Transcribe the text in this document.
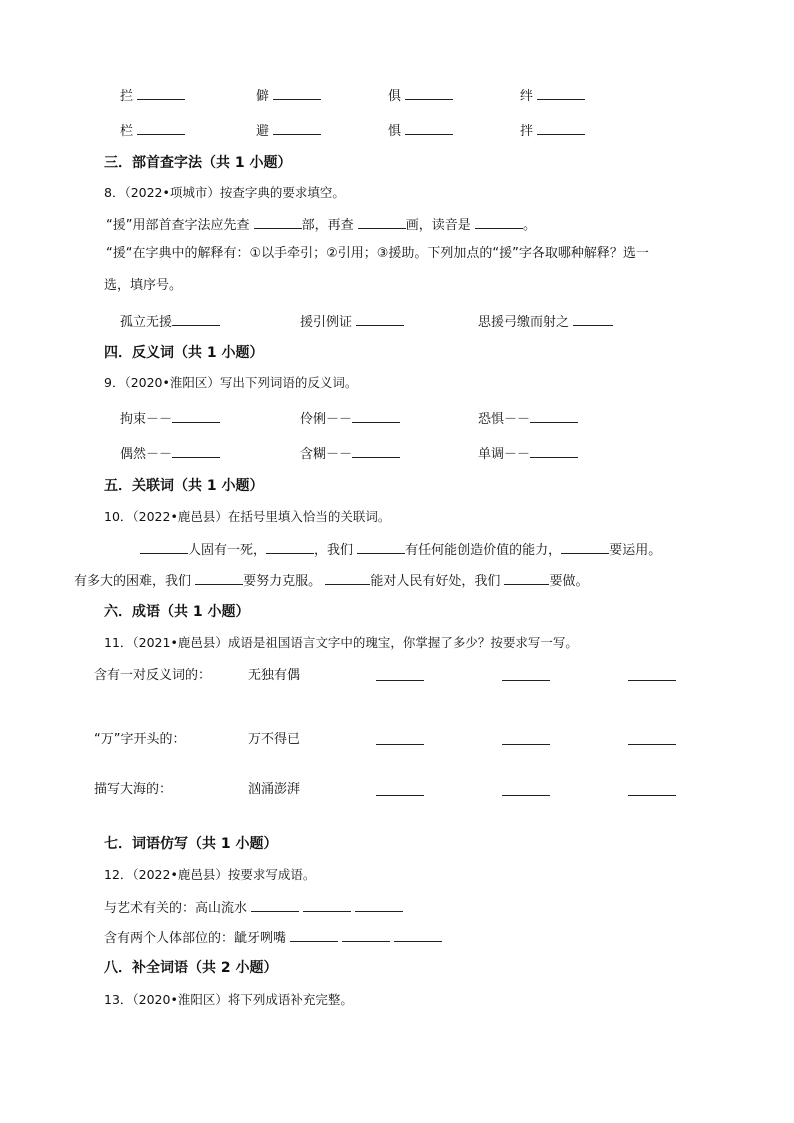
拦	僻	俱	绊
栏	避	惧	拌
三．部首查字法（共 1 小题）
8．（2022•项城市）按查字典的要求填空。
“援”用部首查字法应先查	部，再查	画，读音是	。
“援“在字典中的解释有：①以手牵引；②引用；③援助。下列加点的“援”字各取哪种解释？选一
选，填序号。
孤立无援	援引例证	思援弓缴而射之
四．反义词（共 1 小题）
9．（2020•淮阳区）写出下列词语的反义词。
拘束－－	伶俐－－	恐惧－－
偶然－－	含糊－－	单调－－
五．关联词（共 1 小题）
10．（2022•鹿邑县）在括号里填入恰当的关联词。
人固有一死，	，我们	有任何能创造价值的能力，	要运用。
有多大的困难，我们	要努力克服。	能对人民有好处，我们	要做。
六．成语（共 1 小题）
11．（2021•鹿邑县）成语是祖国语言文字中的瑰宝，你掌握了多少？按要求写一写。
含有一对反义词的：	无独有偶
“万”字开头的：	万不得已
描写大海的：	汹涌澎湃
七．词语仿写（共 1 小题）
12．（2022•鹿邑县）按要求写成语。
与艺术有关的：高山流水
含有两个人体部位的：龇牙咧嘴
八．补全词语（共 2 小题）
13．（2020•淮阳区）将下列成语补充完整。
